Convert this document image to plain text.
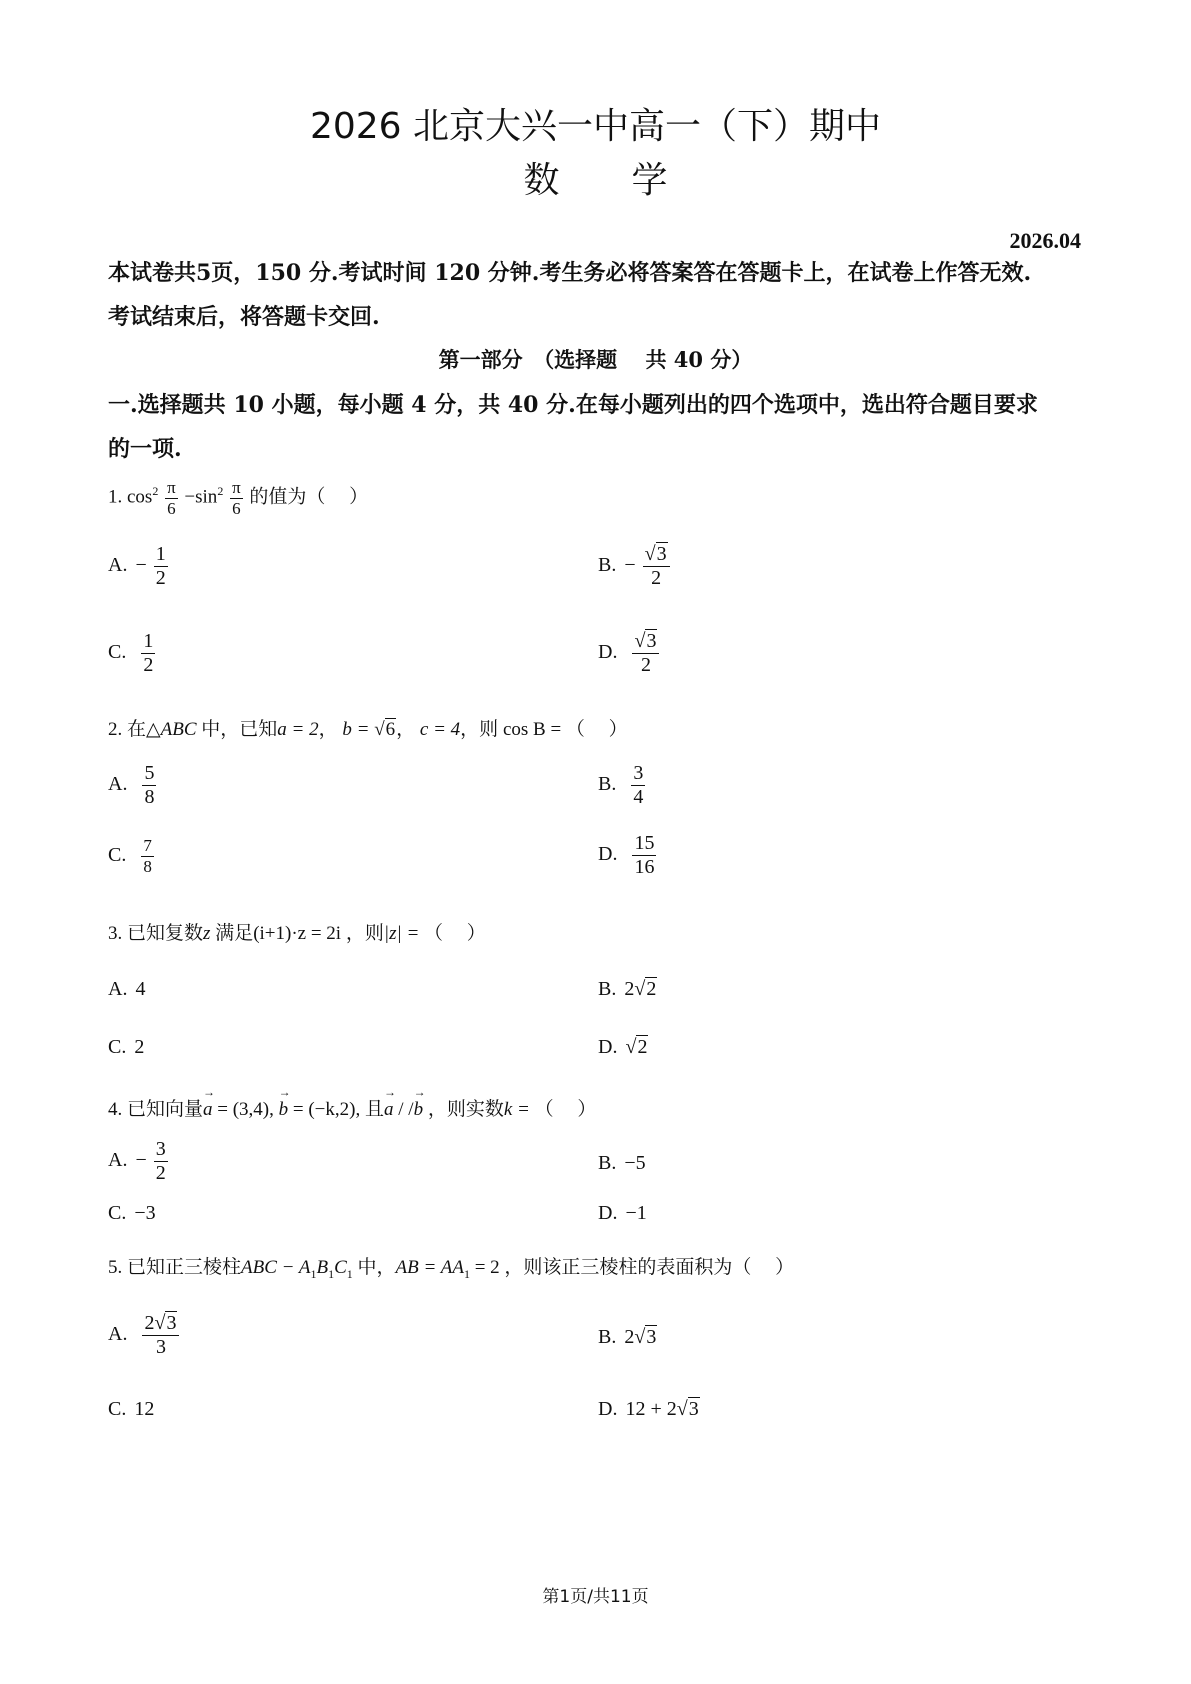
2026 北京大兴一中高一（下）期中
数　　学
2026.04
本试卷共5页，150 分.考试时间 120 分钟.考生务必将答案答在答题卡上，在试卷上作答无效.
考试结束后，将答题卡交回.
第一部分　（选择题　 共 40 分）
一.选择题共 10 小题，每小题 4 分，共 40 分.在每小题列出的四个选项中，选出符合题目要求
的一项.
1. $\cos^2 \frac{\pi}{6} -\sin^2 \frac{\pi}{6}$ 的值为（　 ）
A. − $\frac{1}{2}$	B. − $\frac{√3}{2}$
C. $\frac{1}{2}$	D. $\frac{√3}{2}$
2. 在△ABC 中，已知a = 2， b = √6， c = 4，则 cos B = （　 ）
A. $\frac{5}{8}$	B. $\frac{3}{4}$
C. $\frac{7}{8}$	D. $\frac{15}{16}$
3. 已知复数z 满足(i+1)·z = 2i ，则|z| = （　 ）
A. 4	B. 2√2
C. 2	D. √2
4. 已知向量→ a = (3,4), → b = (−k,2), 且→ a / /→ b ，则实数k = （　 ）
A. − $\frac{3}{2}$	B. −5
C. −3	D. −1
5. 已知正三棱柱ABC − $A_1B_1C_1$ 中，AB = $AA_1 = 2$ ，则该正三棱柱的表面积为（　 ）
A. $\frac{2√3}{3}$	B. 2√3
C. 12	D. 12 + 2√3
第1页/共11页
